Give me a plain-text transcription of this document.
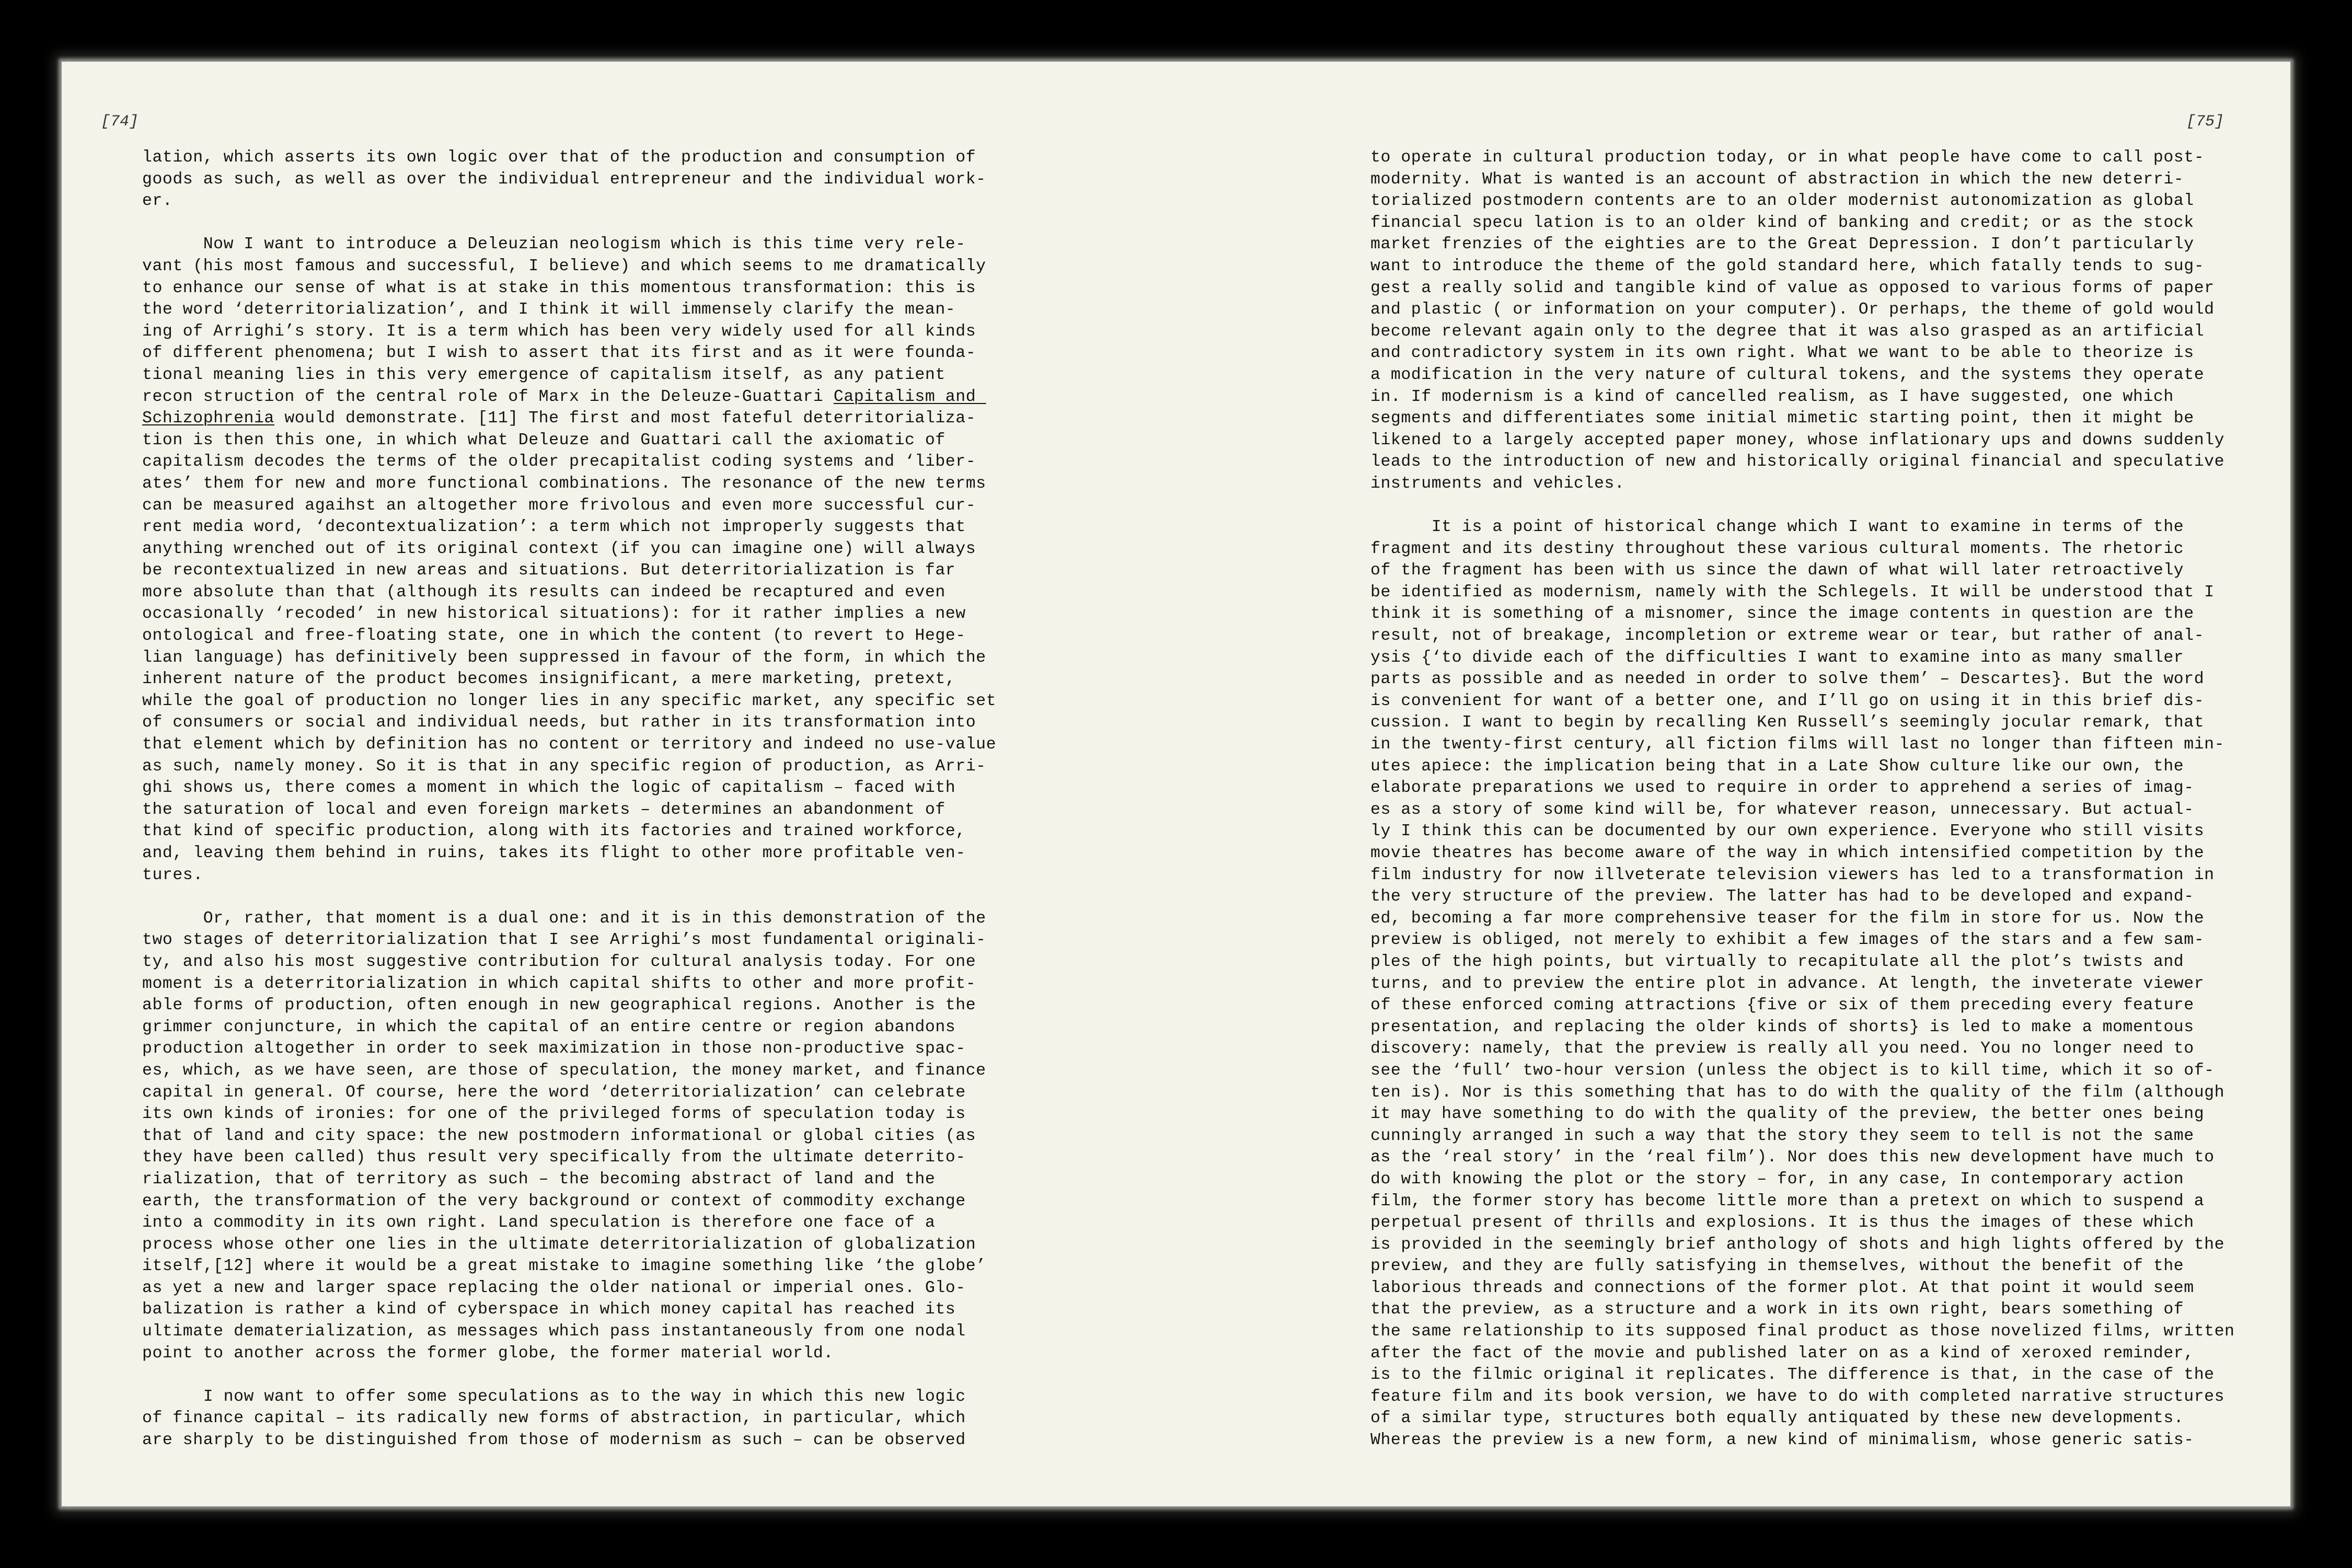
[74]
lation, which asserts its own logic over that of the production and consumption of
goods as such, as well as over the individual entrepreneur and the individual work-
er.

Now I want to introduce a Deleuzian neologism which is this time very rele-
vant (his most famous and successful, I believe) and which seems to me dramatically
to enhance our sense of what is at stake in this momentous transformation: this is
the word ‘deterritorialization’, and I think it will immensely clarify the mean-
ing of Arrighi’s story. It is a term which has been very widely used for all kinds
of different phenomena; but I wish to assert that its first and as it were founda-
tional meaning lies in this very emergence of capitalism itself, as any patient
recon struction of the central role of Marx in the Deleuze-Guattari Capitalism and
Schizophrenia would demonstrate. [11] The first and most fateful deterritorializa-
tion is then this one, in which what Deleuze and Guattari call the axiomatic of
capitalism decodes the terms of the older precapitalist coding systems and ‘liber-
ates’ them for new and more functional combinations. The resonance of the new terms
can be measured agaihst an altogether more frivolous and even more successful cur-
rent media word, ‘decontextualization’: a term which not improperly suggests that
anything wrenched out of its original context (if you can imagine one) will always
be recontextualized in new areas and situations. But deterritorialization is far
more absolute than that (although its results can indeed be recaptured and even
occasionally ‘recoded’ in new historical situations): for it rather implies a new
ontological and free-floating state, one in which the content (to revert to Hege-
lian language) has definitively been suppressed in favour of the form, in which the
inherent nature of the product becomes insignificant, a mere marketing, pretext,
while the goal of production no longer lies in any specific market, any specific set
of consumers or social and individual needs, but rather in its transformation into
that element which by definition has no content or territory and indeed no use-value
as such, namely money. So it is that in any specific region of production, as Arri-
ghi shows us, there comes a moment in which the logic of capitalism – faced with
the saturation of local and even foreign markets – determines an abandonment of
that kind of specific production, along with its factories and trained workforce,
and, leaving them behind in ruins, takes its flight to other more profitable ven-
tures.

Or, rather, that moment is a dual one: and it is in this demonstration of the
two stages of deterritorialization that I see Arrighi’s most fundamental originali-
ty, and also his most suggestive contribution for cultural analysis today. For one
moment is a deterritorialization in which capital shifts to other and more profit-
able forms of production, often enough in new geographical regions. Another is the
grimmer conjuncture, in which the capital of an entire centre or region abandons
production altogether in order to seek maximization in those non-productive spac-
es, which, as we have seen, are those of speculation, the money market, and finance
capital in general. Of course, here the word ‘deterritorialization’ can celebrate
its own kinds of ironies: for one of the privileged forms of speculation today is
that of land and city space: the new postmodern informational or global cities (as
they have been called) thus result very specifically from the ultimate deterrito-
rialization, that of territory as such – the becoming abstract of land and the
earth, the transformation of the very background or context of commodity exchange
into a commodity in its own right. Land speculation is therefore one face of a
process whose other one lies in the ultimate deterritorialization of globalization
itself,[12] where it would be a great mistake to imagine something like ‘the globe’
as yet a new and larger space replacing the older national or imperial ones. Glo-
balization is rather a kind of cyberspace in which money capital has reached its
ultimate dematerialization, as messages which pass instantaneously from one nodal
point to another across the former globe, the former material world.

I now want to offer some speculations as to the way in which this new logic
of finance capital – its radically new forms of abstraction, in particular, which
are sharply to be distinguished from those of modernism as such – can be observed
[75]
to operate in cultural production today, or in what people have come to call post-
modernity. What is wanted is an account of abstraction in which the new deterri-
torialized postmodern contents are to an older modernist autonomization as global
financial specu lation is to an older kind of banking and credit; or as the stock
market frenzies of the eighties are to the Great Depression. I don’t particularly
want to introduce the theme of the gold standard here, which fatally tends to sug-
gest a really solid and tangible kind of value as opposed to various forms of paper
and plastic ( or information on your computer). Or perhaps, the theme of gold would
become relevant again only to the degree that it was also grasped as an artificial
and contradictory system in its own right. What we want to be able to theorize is
a modification in the very nature of cultural tokens, and the systems they operate
in. If modernism is a kind of cancelled realism, as I have suggested, one which
segments and differentiates some initial mimetic starting point, then it might be
likened to a largely accepted paper money, whose inflationary ups and downs suddenly
leads to the introduction of new and historically original financial and speculative
instruments and vehicles.

It is a point of historical change which I want to examine in terms of the
fragment and its destiny throughout these various cultural moments. The rhetoric
of the fragment has been with us since the dawn of what will later retroactively
be identified as modernism, namely with the Schlegels. It will be understood that I
think it is something of a misnomer, since the image contents in question are the
result, not of breakage, incompletion or extreme wear or tear, but rather of anal-
ysis {‘to divide each of the difficulties I want to examine into as many smaller
parts as possible and as needed in order to solve them’ – Descartes}. But the word
is convenient for want of a better one, and I’ll go on using it in this brief dis-
cussion. I want to begin by recalling Ken Russell’s seemingly jocular remark, that
in the twenty-first century, all fiction films will last no longer than fifteen min-
utes apiece: the implication being that in a Late Show culture like our own, the
elaborate preparations we used to require in order to apprehend a series of imag-
es as a story of some kind will be, for whatever reason, unnecessary. But actual-
ly I think this can be documented by our own experience. Everyone who still visits
movie theatres has become aware of the way in which intensified competition by the
film industry for now illveterate television viewers has led to a transformation in
the very structure of the preview. The latter has had to be developed and expand-
ed, becoming a far more comprehensive teaser for the film in store for us. Now the
preview is obliged, not merely to exhibit a few images of the stars and a few sam-
ples of the high points, but virtually to recapitulate all the plot’s twists and
turns, and to preview the entire plot in advance. At length, the inveterate viewer
of these enforced coming attractions {five or six of them preceding every feature
presentation, and replacing the older kinds of shorts} is led to make a momentous
discovery: namely, that the preview is really all you need. You no longer need to
see the ‘full’ two-hour version (unless the object is to kill time, which it so of-
ten is). Nor is this something that has to do with the quality of the film (although
it may have something to do with the quality of the preview, the better ones being
cunningly arranged in such a way that the story they seem to tell is not the same
as the ‘real story’ in the ‘real film’). Nor does this new development have much to
do with knowing the plot or the story – for, in any case, In contemporary action
film, the former story has become little more than a pretext on which to suspend a
perpetual present of thrills and explosions. It is thus the images of these which
is provided in the seemingly brief anthology of shots and high lights offered by the
preview, and they are fully satisfying in themselves, without the benefit of the
laborious threads and connections of the former plot. At that point it would seem
that the preview, as a structure and a work in its own right, bears something of
the same relationship to its supposed final product as those novelized films, written
after the fact of the movie and published later on as a kind of xeroxed reminder,
is to the filmic original it replicates. The difference is that, in the case of the
feature film and its book version, we have to do with completed narrative structures
of a similar type, structures both equally antiquated by these new developments.
Whereas the preview is a new form, a new kind of minimalism, whose generic satis-
